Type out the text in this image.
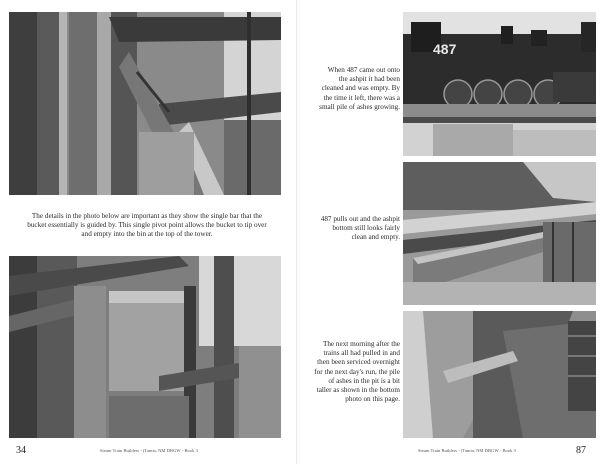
The details in the photo below are important as they show the single bar that the bucket essentially is guided by. This single pivot point allows the bucket to tip over and empty into the bin at the top of the tower.
34	Steam Train Builders - (Tamia, NM DRGW - Book 3
When 487 came out onto the ashpit it had been cleaned and was empty. By the time it left, there was a small pile of ashes growing.
487
487 pulls out and the ashpit bottom still looks fairly clean and empty.
The next morning after the trains all had pulled in and then been serviced overnight for the next day's run, the pile of ashes in the pit is a bit taller as shown in the bottom photo on this page.
Steam Train Builders - (Tamia, NM DRGW - Book 3	87
